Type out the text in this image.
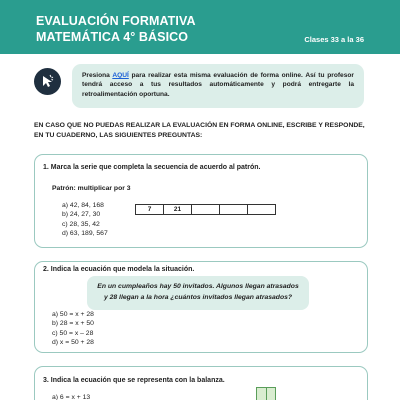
EVALUACIÓN FORMATIVA
MATEMÁTICA 4° BÁSICO	Clases 33 a la 36
Presiona AQUÍ para realizar esta misma evaluación de forma online. Así tu profesor tendrá acceso a tus resultados automáticamente y podrá entregarte la retroalimentación oportuna.
EN CASO QUE NO PUEDAS REALIZAR LA EVALUACIÓN EN FORMA ONLINE, ESCRIBE Y RESPONDE, EN TU CUADERNO, LAS SIGUIENTES PREGUNTAS:
1. Marca la serie que completa la secuencia de acuerdo al patrón.
Patrón: multiplicar por 3
a) 42, 84, 168
b) 24, 27, 30
c) 28, 35, 42
d) 63, 189, 567
7	21
2. Indica la ecuación que modela la situación.
En un cumpleaños hay 50 invitados. Algunos llegan atrasados
y 28 llegan a la hora ¿cuántos invitados llegan atrasados?
a) 50 = x + 28
b) 28 = x + 50
c) 50 = x – 28
d) x = 50 + 28
3. Indica la ecuación que se representa con la balanza.
a) 6 = x + 13
